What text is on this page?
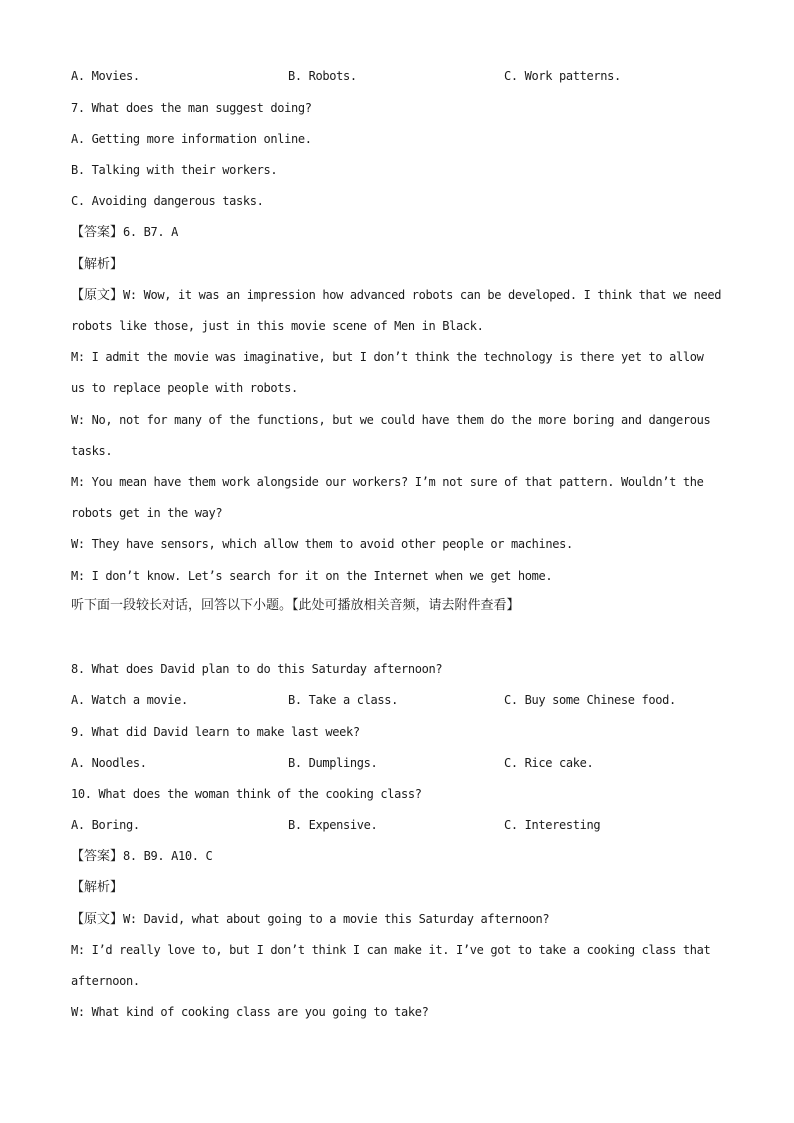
A. Movies.	B. Robots.	C. Work patterns.
7. What does the man suggest doing?
A. Getting more information online.
B. Talking with their workers.
C. Avoiding dangerous tasks.
【答案】6. B7. A
【解析】
【原文】W: Wow, it was an impression how advanced robots can be developed. I think that we need
robots like those, just in this movie scene of Men in Black.
M: I admit the movie was imaginative, but I don’t think the technology is there yet to allow
us to replace people with robots.
W: No, not for many of the functions, but we could have them do the more boring and dangerous
tasks.
M: You mean have them work alongside our workers? I’m not sure of that pattern. Wouldn’t the
robots get in the way?
W: They have sensors, which allow them to avoid other people or machines.
M: I don’t know. Let’s search for it on the Internet when we get home.
听下面一段较长对话，回答以下小题。【此处可播放相关音频，请去附件查看】
8. What does David plan to do this Saturday afternoon?
A. Watch a movie.	B. Take a class.	C. Buy some Chinese food.
9. What did David learn to make last week?
A. Noodles.	B. Dumplings.	C. Rice cake.
10. What does the woman think of the cooking class?
A. Boring.	B. Expensive.	C. Interesting
【答案】8. B9. A10. C
【解析】
【原文】W: David, what about going to a movie this Saturday afternoon?
M: I’d really love to, but I don’t think I can make it. I’ve got to take a cooking class that
afternoon.
W: What kind of cooking class are you going to take?
